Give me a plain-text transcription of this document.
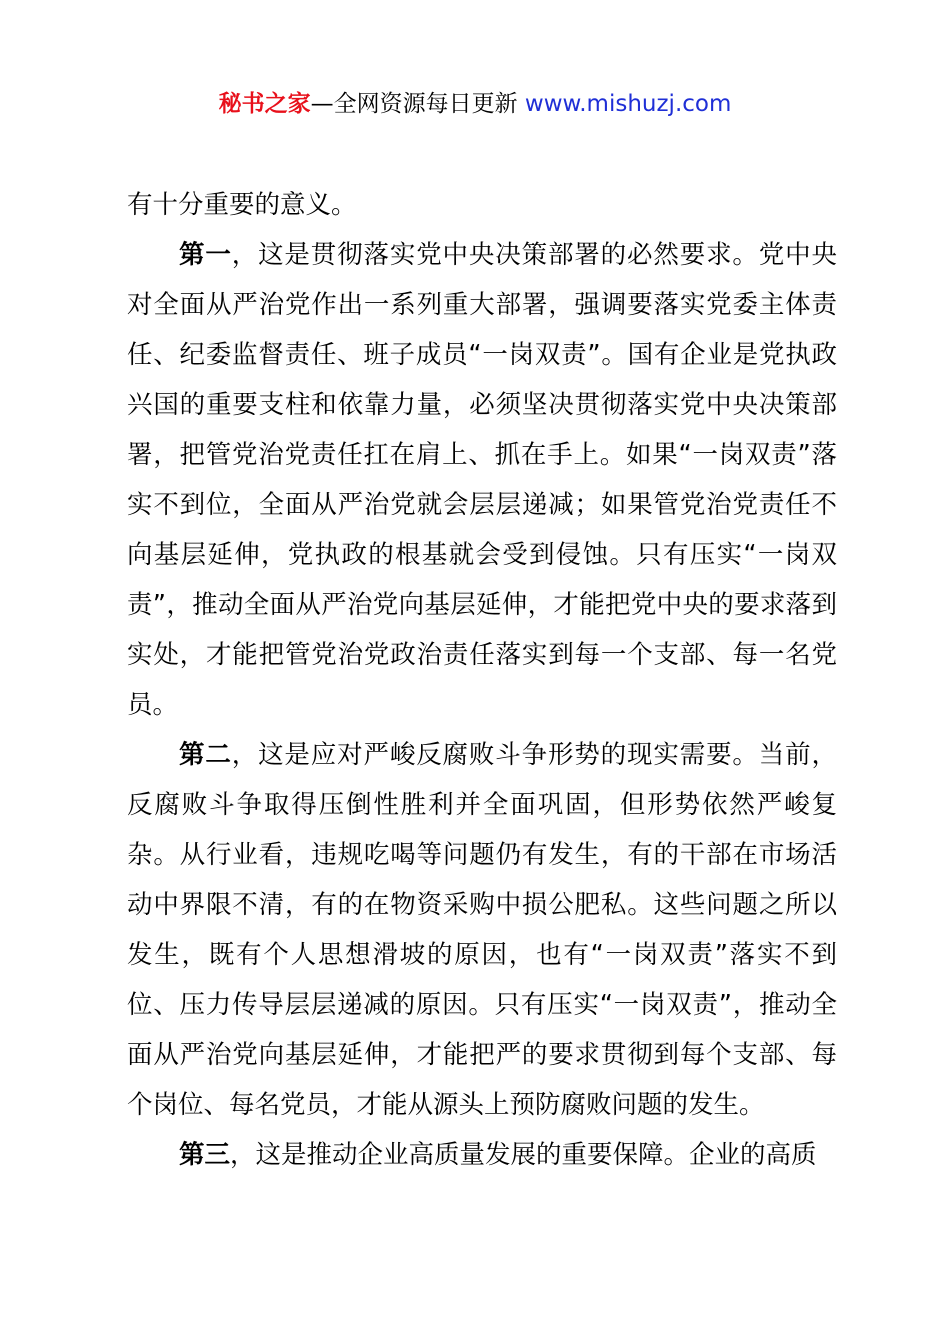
秘书之家—全网资源每日更新 www.mishuzj.com

有十分重要的意义。

第一，这是贯彻落实党中央决策部署的必然要求。党中央对全面从严治党作出一系列重大部署，强调要落实党委主体责任、纪委监督责任、班子成员“一岗双责”。国有企业是党执政兴国的重要支柱和依靠力量，必须坚决贯彻落实党中央决策部署，把管党治党责任扛在肩上、抓在手上。如果“一岗双责”落实不到位，全面从严治党就会层层递减；如果管党治党责任不向基层延伸，党执政的根基就会受到侵蚀。只有压实“一岗双责”，推动全面从严治党向基层延伸，才能把党中央的要求落到实处，才能把管党治党政治责任落实到每一个支部、每一名党员。

第二，这是应对严峻反腐败斗争形势的现实需要。当前，反腐败斗争取得压倒性胜利并全面巩固，但形势依然严峻复杂。从行业看，违规吃喝等问题仍有发生，有的干部在市场活动中界限不清，有的在物资采购中损公肥私。这些问题之所以发生，既有个人思想滑坡的原因，也有“一岗双责”落实不到位、压力传导层层递减的原因。只有压实“一岗双责”，推动全面从严治党向基层延伸，才能把严的要求贯彻到每个支部、每个岗位、每名党员，才能从源头上预防腐败问题的发生。

第三，这是推动企业高质量发展的重要保障。企业的高质
